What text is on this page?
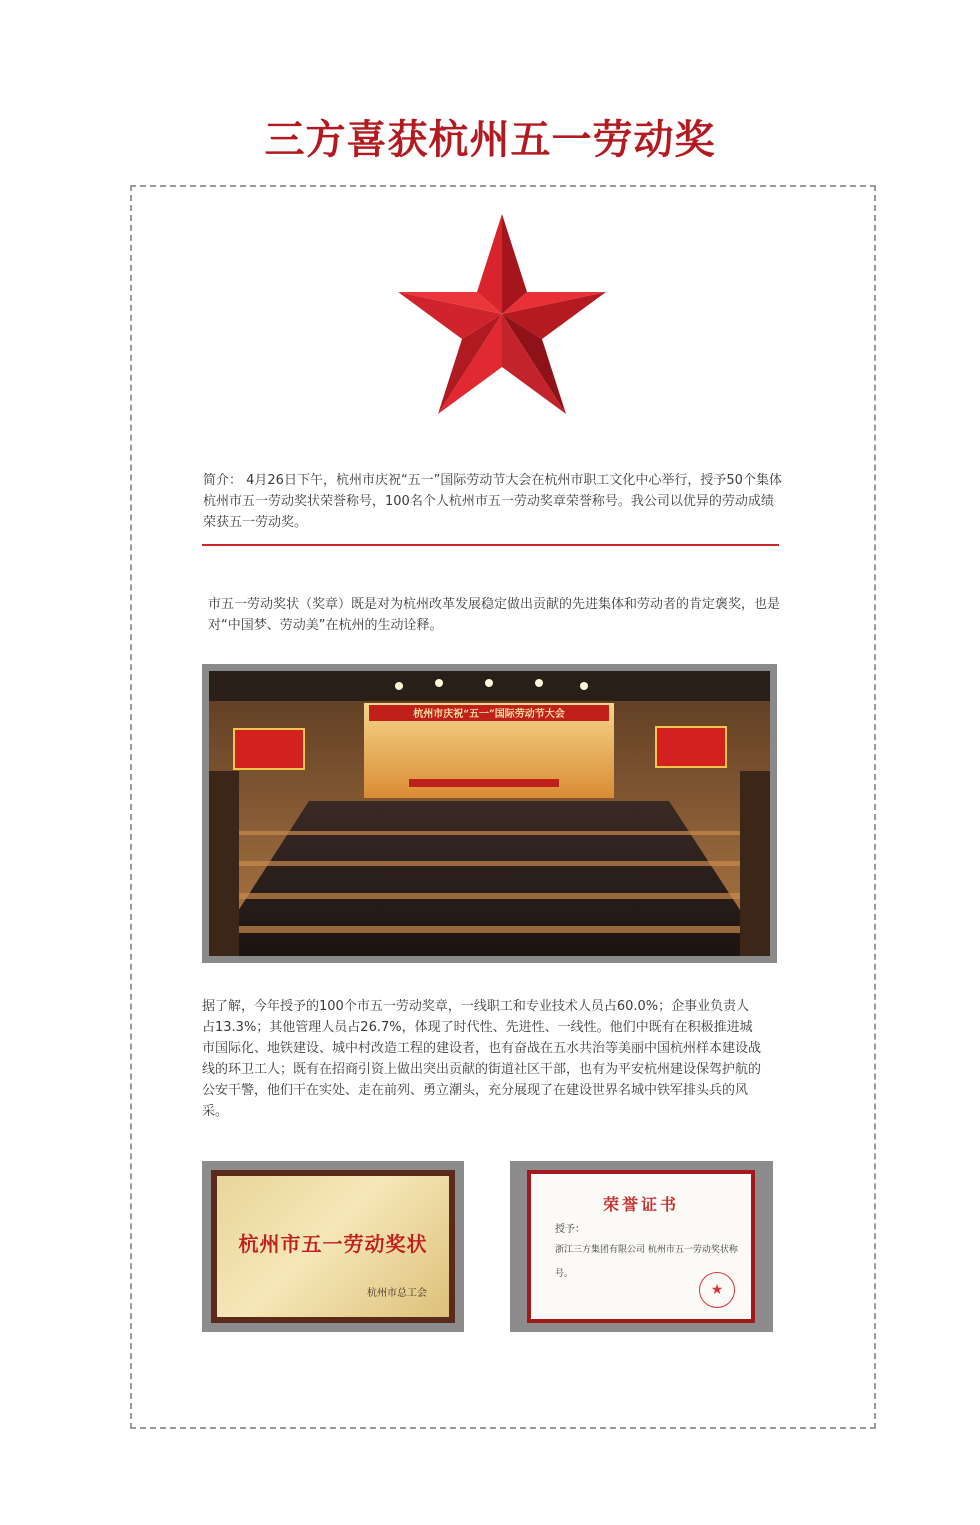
三方喜获杭州五一劳动奖
简介： 4月26日下午，杭州市庆祝“五一”国际劳动节大会在杭州市职工文化中心举行，授予50个集体杭州市五一劳动奖状荣誉称号，100名个人杭州市五一劳动奖章荣誉称号。我公司以优异的劳动成绩荣获五一劳动奖。
市五一劳动奖状（奖章）既是对为杭州改革发展稳定做出贡献的先进集体和劳动者的肯定褒奖，也是对“中国梦、劳动美”在杭州的生动诠释。
杭州市庆祝“五一”国际劳动节大会
据了解，今年授予的100个市五一劳动奖章，一线职工和专业技术人员占60.0%；企事业负责人占13.3%；其他管理人员占26.7%，体现了时代性、先进性、一线性。他们中既有在积极推进城市国际化、地铁建设、城中村改造工程的建设者，也有奋战在五水共治等美丽中国杭州样本建设战线的环卫工人；既有在招商引资上做出突出贡献的街道社区干部，也有为平安杭州建设保驾护航的公安干警，他们干在实处、走在前列、勇立潮头，充分展现了在建设世界名城中铁军排头兵的风采。
杭州市五一劳动奖状
杭州市总工会
荣誉证书
授予：
浙江三方集团有限公司 杭州市五一劳动奖状称号。
★
